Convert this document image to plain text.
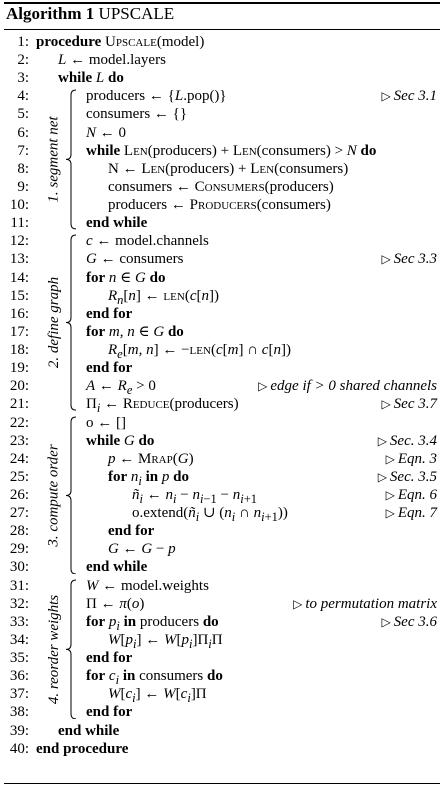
Algorithm 1 UPSCALE
1: procedure Upscale(model)
2: L ← model.layers
3: while L do
4:	producers ← {L.pop()}	▷ Sec 3.1
5:	consumers ← {}
6:	N ← 0
7:	while Len(producers) + Len(consumers) > N do
8:	N ← Len(producers) + Len(consumers)
9:	consumers ← Consumers(producers)
10:	producers ← Producers(consumers)
11:	end while
12:	c ← model.channels
13:	G ← consumers	▷ Sec 3.3
14:	for n ∈ G do
15:	$R_n[n]$ ← len(c[n])
16:	end for
17:	for m, n ∈ G do
18:	$R_e[m$, n] ← −len(c[m] ∩ c[n])
19:	end for
20:	A ← $R_e > 0$	▷ edge if > 0 shared channels
21:	$\Pi_i$ ← Reduce(producers)	▷ Sec 3.7
22:	o ← []
23:	while G do	▷ Sec. 3.4
24:	p ← Mrap(G)	▷ Eqn. 3
25:	for $n_i$ in p do	▷ Sec. 3.5
26:	$ñ_i$ ← $n_i - n_{i-1} - n_{i+1}$	▷ Eqn. 6
27:	$o.extend(ñ_i$ ∪ ($n_i$ ∩ $n_{i+1}$))	▷ Eqn. 7
28:	end for
29:	G ← G − p
30:	end while
31:	W ← model.weights
32:	Π ← π(o)	▷ to permutation matrix
33:	for $p_i$ in producers do	▷ Sec 3.6
34:	$W[p_i]$ ← $W[p_i]\Pi_i\Pi$
35:	end for
36:	for $c_i$ in consumers do
37:	$W[c_i]$ ← $W[c_i]\Pi$
38:	end for
39: end while
40: end procedure
1. segment net
2. define graph
3. compute order
4. reorder weights
